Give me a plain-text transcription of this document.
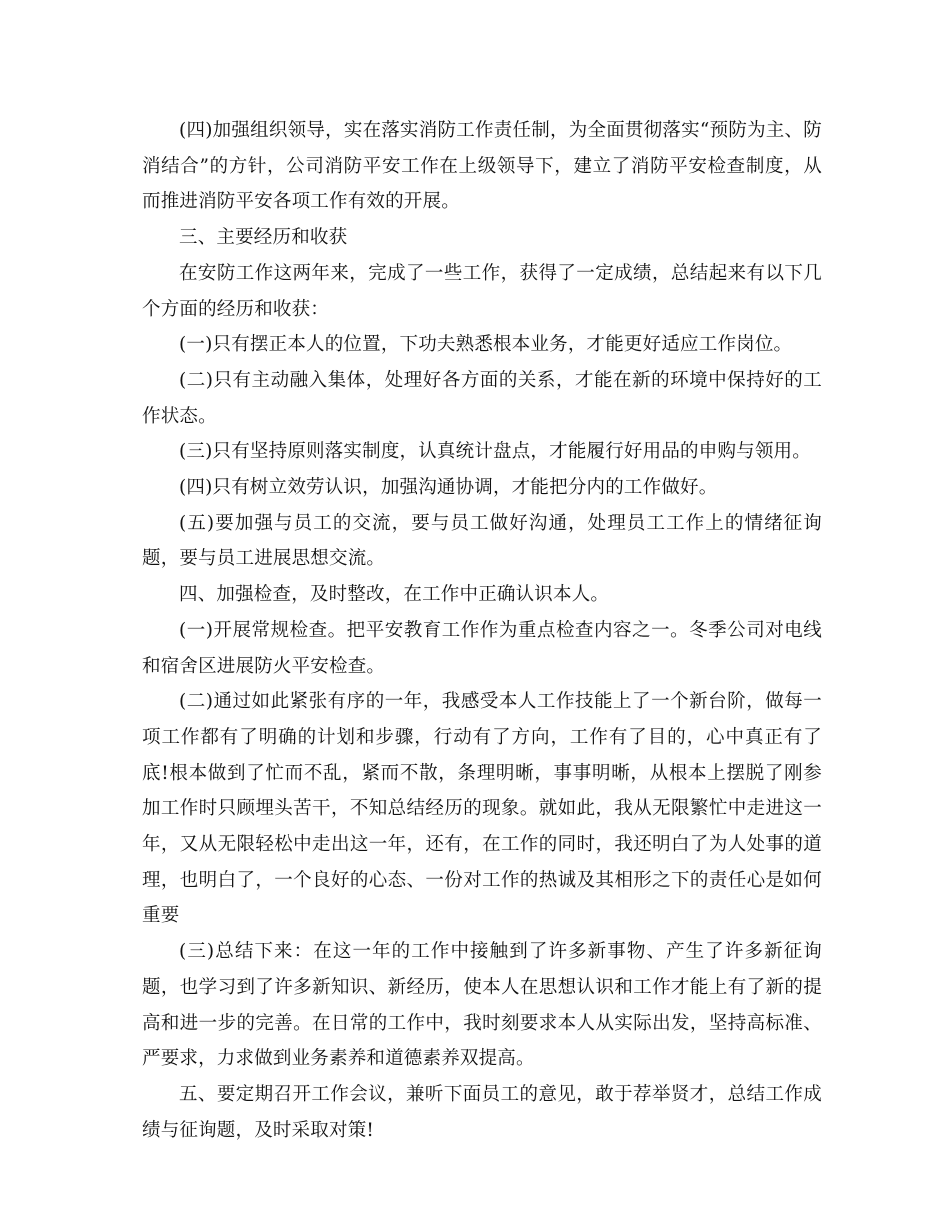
(四)加强组织领导，实在落实消防工作责任制，为全面贯彻落实“预防为主、防消结合”的方针，公司消防平安工作在上级领导下，建立了消防平安检查制度，从而推进消防平安各项工作有效的开展。

三、主要经历和收获

在安防工作这两年来，完成了一些工作，获得了一定成绩，总结起来有以下几个方面的经历和收获：

(一)只有摆正本人的位置，下功夫熟悉根本业务，才能更好适应工作岗位。

(二)只有主动融入集体，处理好各方面的关系，才能在新的环境中保持好的工作状态。

(三)只有坚持原则落实制度，认真统计盘点，才能履行好用品的申购与领用。

(四)只有树立效劳认识，加强沟通协调，才能把分内的工作做好。

(五)要加强与员工的交流，要与员工做好沟通，处理员工工作上的情绪征询题，要与员工进展思想交流。

四、加强检查，及时整改，在工作中正确认识本人。

(一)开展常规检查。把平安教育工作作为重点检查内容之一。冬季公司对电线和宿舍区进展防火平安检查。

(二)通过如此紧张有序的一年，我感受本人工作技能上了一个新台阶，做每一项工作都有了明确的计划和步骤，行动有了方向，工作有了目的，心中真正有了底!根本做到了忙而不乱，紧而不散，条理明晰，事事明晰，从根本上摆脱了刚参加工作时只顾埋头苦干，不知总结经历的现象。就如此，我从无限繁忙中走进这一年，又从无限轻松中走出这一年，还有，在工作的同时，我还明白了为人处事的道理，也明白了，一个良好的心态、一份对工作的热诚及其相形之下的责任心是如何重要

(三)总结下来：在这一年的工作中接触到了许多新事物、产生了许多新征询题，也学习到了许多新知识、新经历，使本人在思想认识和工作才能上有了新的提高和进一步的完善。在日常的工作中，我时刻要求本人从实际出发，坚持高标准、严要求，力求做到业务素养和道德素养双提高。

五、要定期召开工作会议，兼听下面员工的意见，敢于荐举贤才，总结工作成绩与征询题，及时采取对策!
